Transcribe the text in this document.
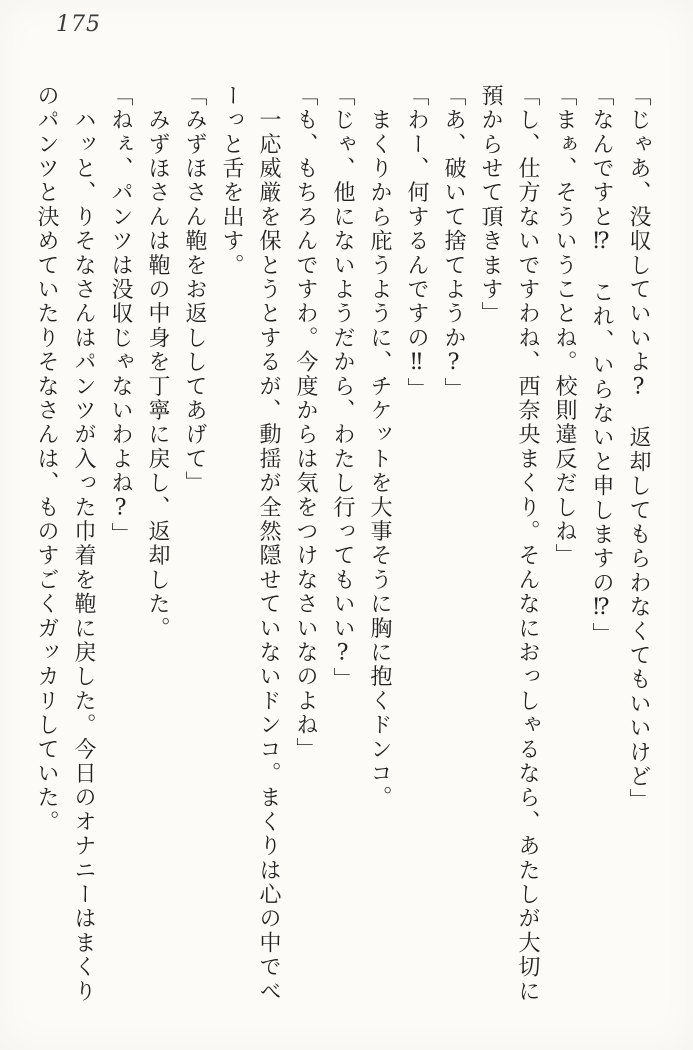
175
「じゃあ、没収していいよ?　返却してもらわなくてもいいけど」
「なんですと⁉　これ、いらないと申しますの⁉」
「まぁ、そういうことね。校則違反だしね」
「し、仕方ないですわね、西奈央まくり。そんなにおっしゃるなら、あたしが大切に
預からせて頂きます」
「あ、破いて捨てようか?」
「わー、何するんですの‼」
　まくりから庇うように、チケットを大事そうに胸に抱くドンコ。
「じゃ、他にないようだから、わたし行ってもいい?」
「も、もちろんですわ。今度からは気をつけなさいなのよね」
　一応威厳を保とうとするが、動揺が全然隠せていないドンコ。まくりは心の中でべ
ーっと舌を出す。
「みずほさん鞄をお返ししてあげて」
　みずほさんは鞄の中身を丁寧に戻し、返却した。
「ねぇ、パンツは没収じゃないわよね?」
　ハッと、りそなさんはパンツが入った巾着を鞄に戻した。今日のオナニーはまくり
のパンツと決めていたりそなさんは、ものすごくガッカリしていた。
